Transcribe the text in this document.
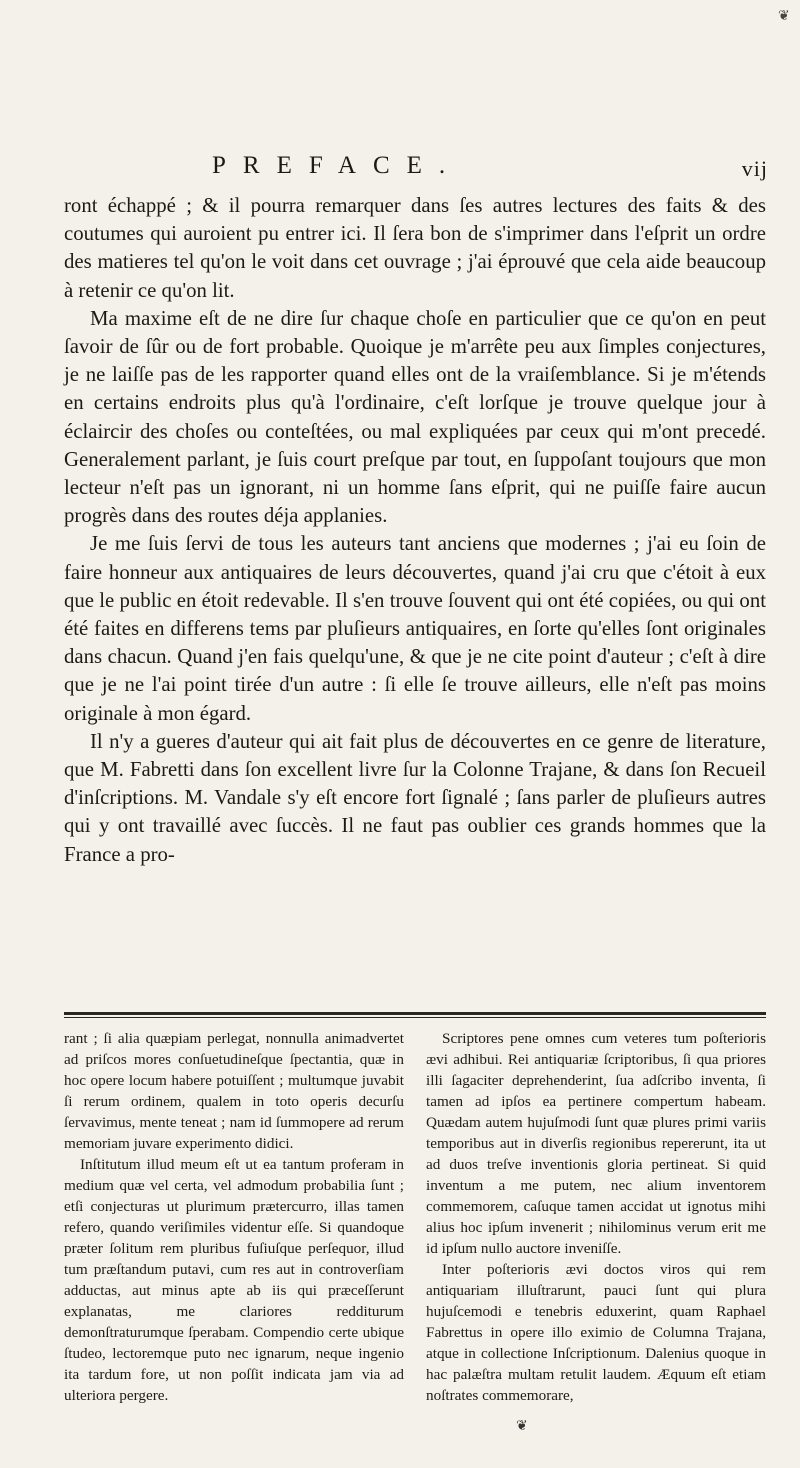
❦
PREFACE.	vij

ront échappé ; & il pourra remarquer dans ſes autres lectures des faits & des coutumes qui auroient pu entrer ici. Il ſera bon de s'imprimer dans l'eſprit un ordre des matieres tel qu'on le voit dans cet ouvrage ; j'ai éprouvé que cela aide beaucoup à retenir ce qu'on lit.

Ma maxime eſt de ne dire ſur chaque choſe en particulier que ce qu'on en peut ſavoir de ſûr ou de fort probable. Quoique je m'arrête peu aux ſimples conjectures, je ne laiſſe pas de les rapporter quand elles ont de la vraiſemblance. Si je m'étends en certains endroits plus qu'à l'ordinaire, c'eſt lorſque je trouve quelque jour à éclaircir des choſes ou conteſtées, ou mal expliquées par ceux qui m'ont precedé. Generalement parlant, je ſuis court preſque par tout, en ſuppoſant toujours que mon lecteur n'eſt pas un ignorant, ni un homme ſans eſprit, qui ne puiſſe faire aucun progrès dans des routes déja applanies.

Je me ſuis ſervi de tous les auteurs tant anciens que modernes ; j'ai eu ſoin de faire honneur aux antiquaires de leurs découvertes, quand j'ai cru que c'étoit à eux que le public en étoit redevable. Il s'en trouve ſouvent qui ont été copiées, ou qui ont été faites en differens tems par pluſieurs antiquaires, en ſorte qu'elles ſont originales dans chacun. Quand j'en fais quelqu'une, & que je ne cite point d'auteur ; c'eſt à dire que je ne l'ai point tirée d'un autre : ſi elle ſe trouve ailleurs, elle n'eſt pas moins originale à mon égard.

Il n'y a gueres d'auteur qui ait fait plus de découvertes en ce genre de literature, que M. Fabretti dans ſon excellent livre ſur la Colonne Trajane, & dans ſon Recueil d'inſcriptions. M. Vandale s'y eſt encore fort ſignalé ; ſans parler de pluſieurs autres qui y ont travaillé avec ſuccès. Il ne faut pas oublier ces grands hommes que la France a pro-

rant ; ſi alia quæpiam perlegat, nonnulla animadvertet ad priſcos mores conſuetudineſque ſpectantia, quæ in hoc opere locum habere potuiſſent ; multumque juvabit ſi rerum ordinem, qualem in toto operis decurſu ſervavimus, mente teneat ; nam id ſummopere ad rerum memoriam juvare experimento didici.

Inſtitutum illud meum eſt ut ea tantum proferam in medium quæ vel certa, vel admodum probabilia ſunt ; etſi conjecturas ut plurimum prætercurro, illas tamen refero, quando veriſimiles videntur eſſe. Si quandoque præter ſolitum rem pluribus fuſiuſque perſequor, illud tum præſtandum putavi, cum res aut in controverſiam adductas, aut minus apte ab iis qui præceſſerunt explanatas, me clariores redditurum demonſtraturumque ſperabam. Compendio certe ubique ſtudeo, lectoremque puto nec ignarum, neque ingenio ita tardum fore, ut non poſſit indicata jam via ad ulteriora pergere.

Scriptores pene omnes cum veteres tum poſterioris ævi adhibui. Rei antiquariæ ſcriptoribus, ſi qua priores illi ſagaciter deprehenderint, ſua adſcribo inventa, ſi tamen ad ipſos ea pertinere compertum habeam. Quædam autem hujuſmodi ſunt quæ plures primi variis temporibus aut in diverſis regionibus repererunt, ita ut ad duos treſve inventionis gloria pertineat. Si quid inventum a me putem, nec alium inventorem commemorem, caſuque tamen accidat ut ignotus mihi alius hoc ipſum invenerit ; nihilominus verum erit me id ipſum nullo auctore inveniſſe.

Inter poſterioris ævi doctos viros qui rem antiquariam illuſtrarunt, pauci ſunt qui plura hujuſcemodi e tenebris eduxerint, quam Raphael Fabrettus in opere illo eximio de Columna Trajana, atque in collectione Inſcriptionum. Dalenius quoque in hac palæſtra multam retulit laudem. Æquum eſt etiam noſtrates commemorare,

❦
